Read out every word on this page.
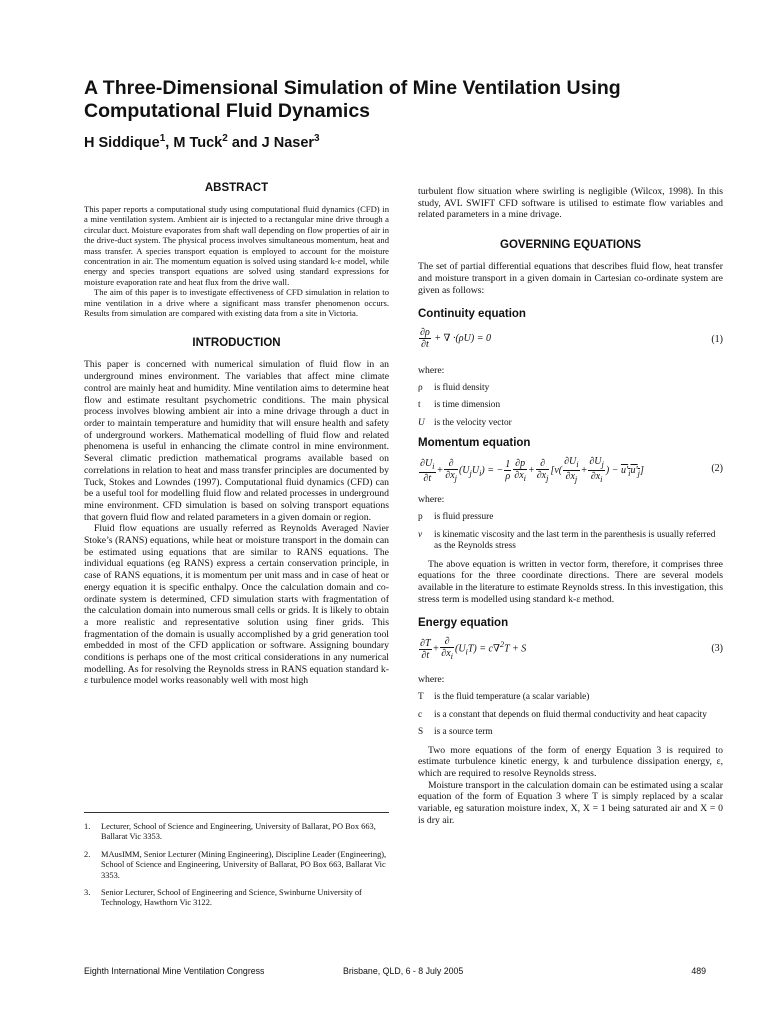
A Three-Dimensional Simulation of Mine Ventilation Using Computational Fluid Dynamics
H Siddique$^1$, M Tuck$^2$ and J Naser$^3$
ABSTRACT

This paper reports a computational study using computational fluid dynamics (CFD) in a mine ventilation system. Ambient air is injected to a rectangular mine drive through a circular duct. Moisture evaporates from shaft wall depending on flow properties of air in the drive-duct system. The physical process involves simultaneous momentum, heat and mass transfer. A species transport equation is employed to account for the moisture concentration in air. The momentum equation is solved using standard k-ε model, while energy and species transport equations are solved using standard expressions for moisture evaporation rate and heat flux from the drive wall.

The aim of this paper is to investigate effectiveness of CFD simulation in relation to mine ventilation in a drive where a significant mass transfer phenomenon occurs. Results from simulation are compared with existing data from a site in Victoria.

INTRODUCTION

This paper is concerned with numerical simulation of fluid flow in an underground mines environment. The variables that affect mine climate control are mainly heat and humidity. Mine ventilation aims to determine heat flow and estimate resultant psychometric conditions. The main physical process involves blowing ambient air into a mine drivage through a duct in order to maintain temperature and humidity that will ensure health and safety of underground workers. Mathematical modelling of fluid flow and related phenomena is useful in enhancing the climate control in mine environment. Several climatic prediction mathematical programs available based on correlations in relation to heat and mass transfer principles are documented by Tuck, Stokes and Lowndes (1997). Computational fluid dynamics (CFD) can be a useful tool for modelling fluid flow and related processes in underground mine environment. CFD simulation is based on solving transport equations that govern fluid flow and related parameters in a given domain or region.

Fluid flow equations are usually referred as Reynolds Averaged Navier Stoke’s (RANS) equations, while heat or moisture transport in the domain can be estimated using equations that are similar to RANS equations. The individual equations (eg RANS) express a certain conservation principle, in case of RANS equations, it is momentum per unit mass and in case of heat or energy equation it is specific enthalpy. Once the calculation domain and co-ordinate system is determined, CFD simulation starts with fragmentation of the calculation domain into numerous small cells or grids. It is likely to obtain a more realistic and representative solution using finer grids. This fragmentation of the domain is usually accomplished by a grid generation tool embedded in most of the CFD application or software. Assigning boundary conditions is perhaps one of the most critical considerations in any numerical modelling. As for resolving the Reynolds stress in RANS equation standard k-ε turbulence model works reasonably well with most high

1.	Lecturer, School of Science and Engineering, University of Ballarat, PO Box 663, Ballarat Vic 3353.
2.	MAusIMM, Senior Lecturer (Mining Engineering), Discipline Leader (Engineering), School of Science and Engineering, University of Ballarat, PO Box 663, Ballarat Vic 3353.
3.	Senior Lecturer, School of Engineering and Science, Swinburne University of Technology, Hawthorn Vic 3122.

turbulent flow situation where swirling is negligible (Wilcox, 1998). In this study, AVL SWIFT CFD software is utilised to estimate flow variables and related parameters in a mine drivage.

GOVERNING EQUATIONS

The set of partial differential equations that describes fluid flow, heat transfer and moisture transport in a given domain in Cartesian co-ordinate system are given as follows:

Continuity equation
$\frac{\partial\rho}{\partial t}$ + ∇ ·(ρU) = 0	(1)

where:

ρ	is fluid density
t	is time dimension
U is the velocity vector
Momentum equation
$\frac{\partial U_i}{\partial t} + \frac{\partial}{\partial x_j} (U_jU_i)$ = − $\frac{1}{\rho} \frac{\partial p}{\partial x_i} + \frac{\partial}{\partial x_j} [\nu( \frac{\partial U_i}{\partial x_j} + \frac{\partial U_j}{\partial x_i}$ ) − $u'_iu'_j$]	(2)

where:

p	is fluid pressure
ν	is kinematic viscosity and the last term in the parenthesis is usually referred as the Reynolds stress

The above equation is written in vector form, therefore, it comprises three equations for the three coordinate directions. There are several models available in the literature to estimate Reynolds stress. In this investigation, this stress term is modelled using standard k-ε method.

Energy equation
$\frac{\partial T}{\partial t} + \frac{\partial}{\partial x_i} (U_iT) = c\nabla^2T + S$	(3)

where:

T	is the fluid temperature (a scalar variable)
c	is a constant that depends on fluid thermal conductivity and heat capacity
S	is a source term

Two more equations of the form of energy Equation 3 is required to estimate turbulence kinetic energy, k and turbulence dissipation energy, ε, which are required to resolve Reynolds stress.

Moisture transport in the calculation domain can be estimated using a scalar equation of the form of Equation 3 where T is simply replaced by a scalar variable, eg saturation moisture index, X, X = 1 being saturated air and X = 0 is dry air.

Eighth International Mine Ventilation Congress	Brisbane, QLD, 6 - 8 July 2005	489
